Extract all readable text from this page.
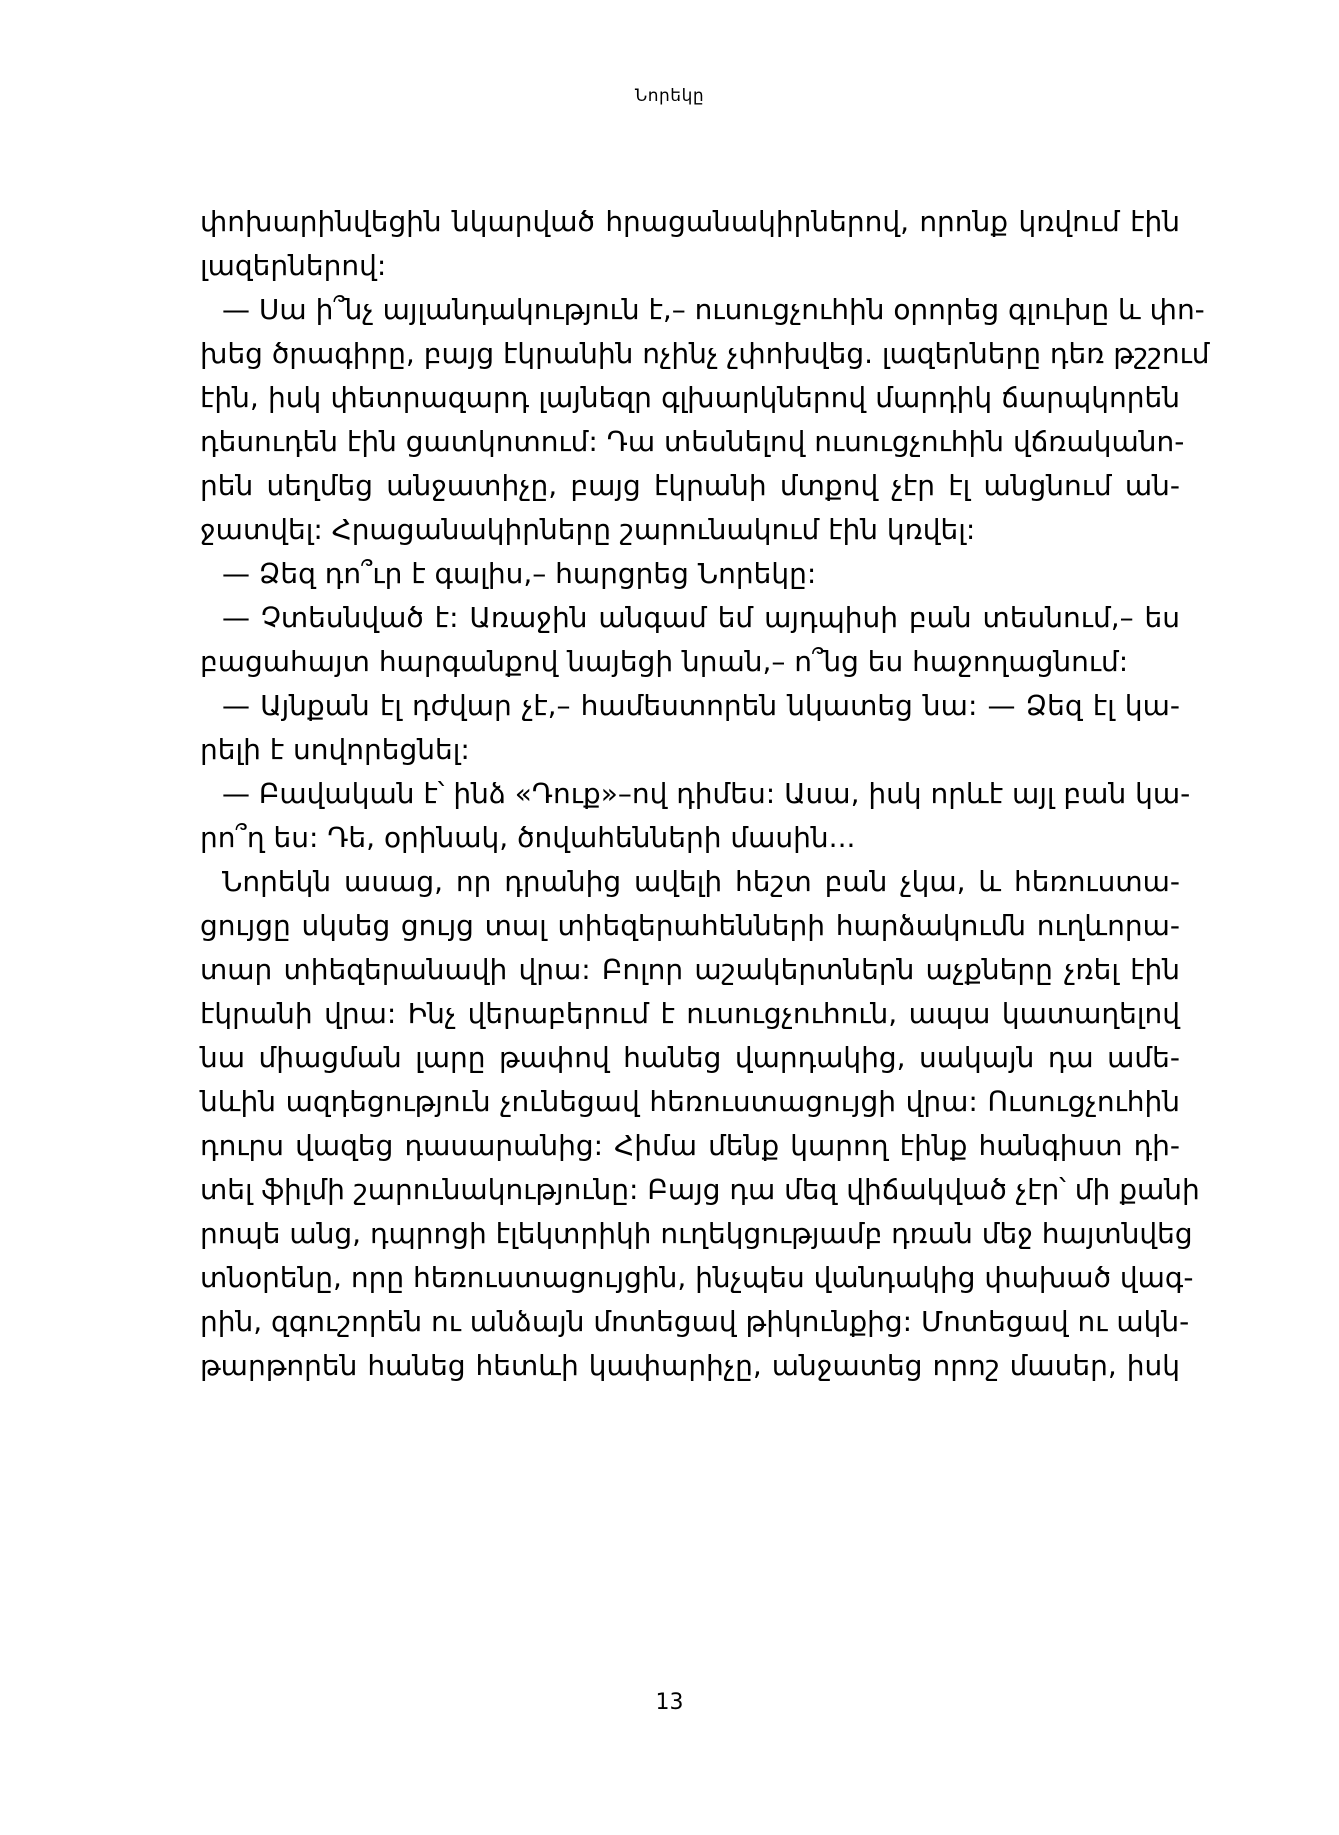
Նորեկը
փոխարինվեցին նկարված հրացանակիրներով, որոնք կռվում էին
լազերներով:
— Սա ի՞նչ այլանդակություն է,– ուսուցչուհին օրորեց գլուխը և փո-
խեց ծրագիրը, բայց էկրանին ոչինչ չփոխվեց. լազերները դեռ թշշում
էին, իսկ փետրազարդ լայնեզր գլխարկներով մարդիկ ճարպկորեն
դեսուդեն էին ցատկոտում: Դա տեսնելով ուսուցչուհին վճռականո-
րեն սեղմեց անջատիչը, բայց էկրանի մտքով չէր էլ անցնում ան-
ջատվել: Հրացանակիրները շարունակում էին կռվել:
— Ձեզ դո՞ւր է գալիս,– հարցրեց Նորեկը:
— Չտեսնված է: Առաջին անգամ եմ այդպիսի բան տեսնում,– ես
բացահայտ հարգանքով նայեցի նրան,– ո՞նց ես հաջողացնում:
— Այնքան էլ դժվար չէ,– համեստորեն նկատեց նա: — Ձեզ էլ կա-
րելի է սովորեցնել:
— Բավական է՝ ինձ «Դուք»–ով դիմես: Ասա, իսկ որևէ այլ բան կա-
րո՞ղ ես: Դե, օրինակ, ծովահենների մասին...
Նորեկն ասաց, որ դրանից ավելի հեշտ բան չկա, և հեռուստա-
ցույցը սկսեց ցույց տալ տիեզերահենների հարձակումն ուղևորա-
տար տիեզերանավի վրա: Բոլոր աշակերտներն աչքները չռել էին
էկրանի վրա: Ինչ վերաբերում է ուսուցչուհուն, ապա կատաղելով
նա միացման լարը թափով հանեց վարդակից, սակայն դա ամե-
նևին ազդեցություն չունեցավ հեռուստացույցի վրա: Ուսուցչուհին
դուրս վազեց դասարանից: Հիմա մենք կարող էինք հանգիստ դի-
տել ֆիլմի շարունակությունը: Բայց դա մեզ վիճակված չէր՝ մի քանի
րոպե անց, դպրոցի էլեկտրիկի ուղեկցությամբ դռան մեջ հայտնվեց
տնօրենը, որը հեռուստացույցին, ինչպես վանդակից փախած վագ-
րին, զգուշորեն ու անձայն մոտեցավ թիկունքից: Մոտեցավ ու ակն-
թարթորեն հանեց հետևի կափարիչը, անջատեց որոշ մասեր, իսկ
13
